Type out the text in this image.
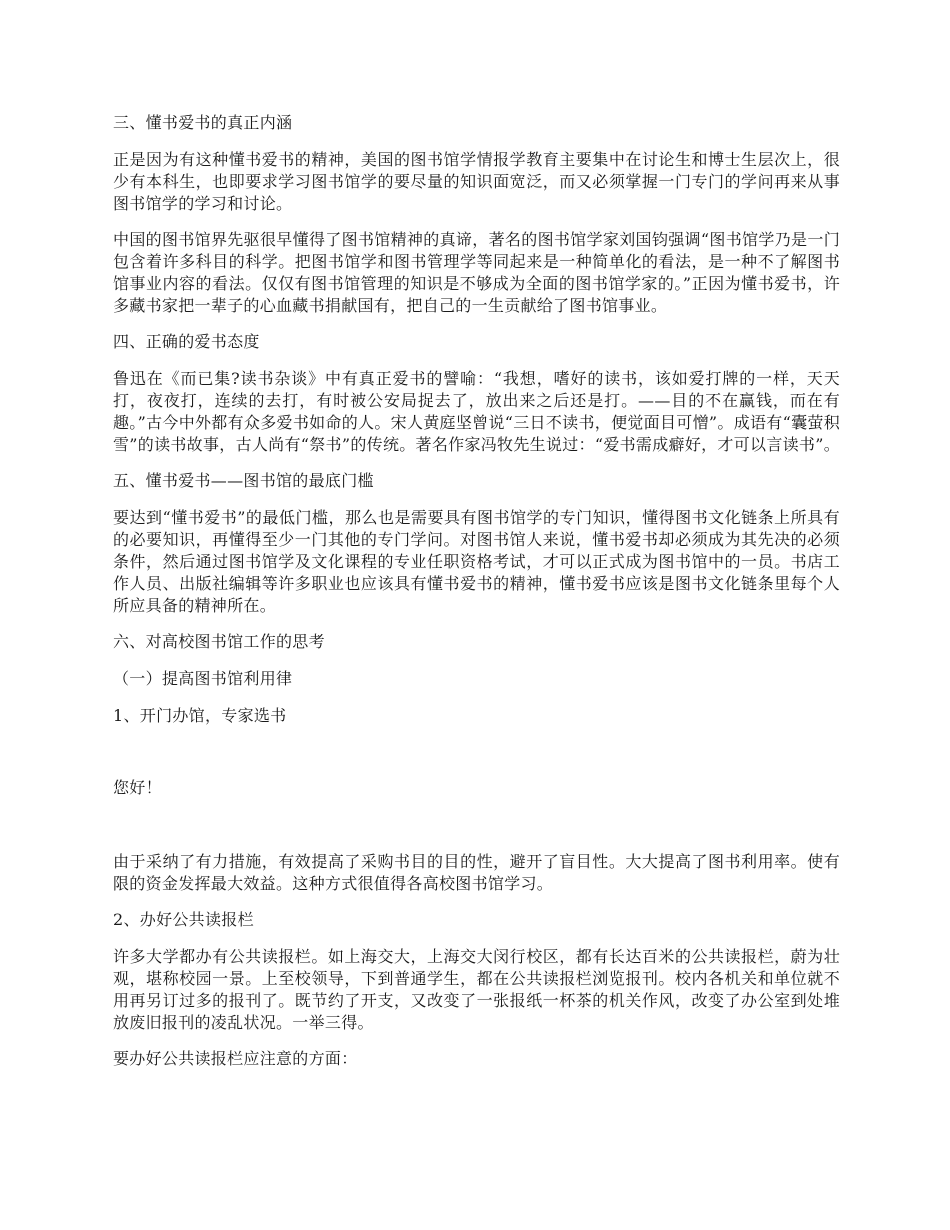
三、懂书爱书的真正内涵

正是因为有这种懂书爱书的精神，美国的图书馆学情报学教育主要集中在讨论生和博士生层次上，很少有本科生，也即要求学习图书馆学的要尽量的知识面宽泛，而又必须掌握一门专门的学问再来从事图书馆学的学习和讨论。

中国的图书馆界先驱很早懂得了图书馆精神的真谛，著名的图书馆学家刘国钧强调“图书馆学乃是一门包含着许多科目的科学。把图书馆学和图书管理学等同起来是一种简单化的看法，是一种不了解图书馆事业内容的看法。仅仅有图书馆管理的知识是不够成为全面的图书馆学家的。”正因为懂书爱书，许多藏书家把一辈子的心血藏书捐献国有，把自己的一生贡献给了图书馆事业。

四、正确的爱书态度

鲁迅在《而已集?读书杂谈》中有真正爱书的譬喻：“我想，嗜好的读书，该如爱打牌的一样，天天打，夜夜打，连续的去打，有时被公安局捉去了，放出来之后还是打。——目的不在赢钱，而在有趣。”古今中外都有众多爱书如命的人。宋人黄庭坚曾说“三日不读书，便觉面目可憎”。成语有“囊萤积雪”的读书故事，古人尚有“祭书”的传统。著名作家冯牧先生说过：“爱书需成癖好，才可以言读书”。

五、懂书爱书——图书馆的最底门槛

要达到“懂书爱书”的最低门槛，那么也是需要具有图书馆学的专门知识，懂得图书文化链条上所具有的必要知识，再懂得至少一门其他的专门学问。对图书馆人来说，懂书爱书却必须成为其先决的必须条件，然后通过图书馆学及文化课程的专业任职资格考试，才可以正式成为图书馆中的一员。书店工作人员、出版社编辑等许多职业也应该具有懂书爱书的精神，懂书爱书应该是图书文化链条里每个人所应具备的精神所在。

六、对高校图书馆工作的思考

（一）提高图书馆利用律

1、开门办馆，专家选书

您好！

由于采纳了有力措施，有效提高了采购书目的目的性，避开了盲目性。大大提高了图书利用率。使有限的资金发挥最大效益。这种方式很值得各高校图书馆学习。

2、办好公共读报栏

许多大学都办有公共读报栏。如上海交大，上海交大闵行校区，都有长达百米的公共读报栏，蔚为壮观，堪称校园一景。上至校领导，下到普通学生，都在公共读报栏浏览报刊。校内各机关和单位就不用再另订过多的报刊了。既节约了开支，又改变了一张报纸一杯茶的机关作风，改变了办公室到处堆放废旧报刊的凌乱状况。一举三得。

要办好公共读报栏应注意的方面：
